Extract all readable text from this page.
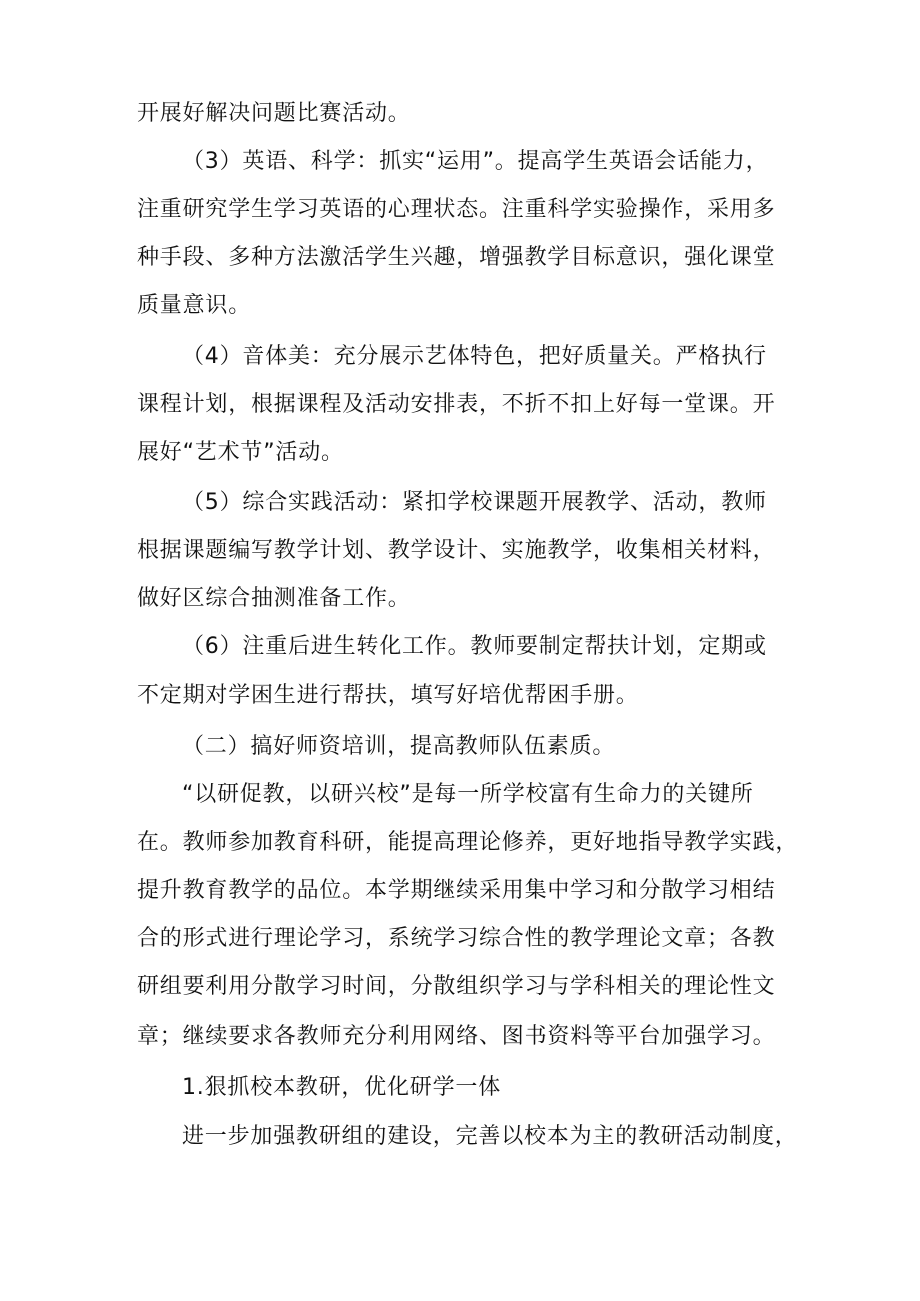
开展好解决问题比赛活动。
（3）英语、科学：抓实“运用”。提高学生英语会话能力，
注重研究学生学习英语的心理状态。注重科学实验操作，采用多
种手段、多种方法激活学生兴趣，增强教学目标意识，强化课堂
质量意识。
（4）音体美：充分展示艺体特色，把好质量关。严格执行
课程计划，根据课程及活动安排表，不折不扣上好每一堂课。开
展好“艺术节”活动。
（5）综合实践活动：紧扣学校课题开展教学、活动，教师
根据课题编写教学计划、教学设计、实施教学，收集相关材料，
做好区综合抽测准备工作。
（6）注重后进生转化工作。教师要制定帮扶计划，定期或
不定期对学困生进行帮扶，填写好培优帮困手册。
（二）搞好师资培训，提高教师队伍素质。
“以研促教，以研兴校”是每一所学校富有生命力的关键所
在。教师参加教育科研，能提高理论修养，更好地指导教学实践，
提升教育教学的品位。本学期继续采用集中学习和分散学习相结
合的形式进行理论学习，系统学习综合性的教学理论文章；各教
研组要利用分散学习时间，分散组织学习与学科相关的理论性文
章；继续要求各教师充分利用网络、图书资料等平台加强学习。
1.狠抓校本教研，优化研学一体
进一步加强教研组的建设，完善以校本为主的教研活动制度，
